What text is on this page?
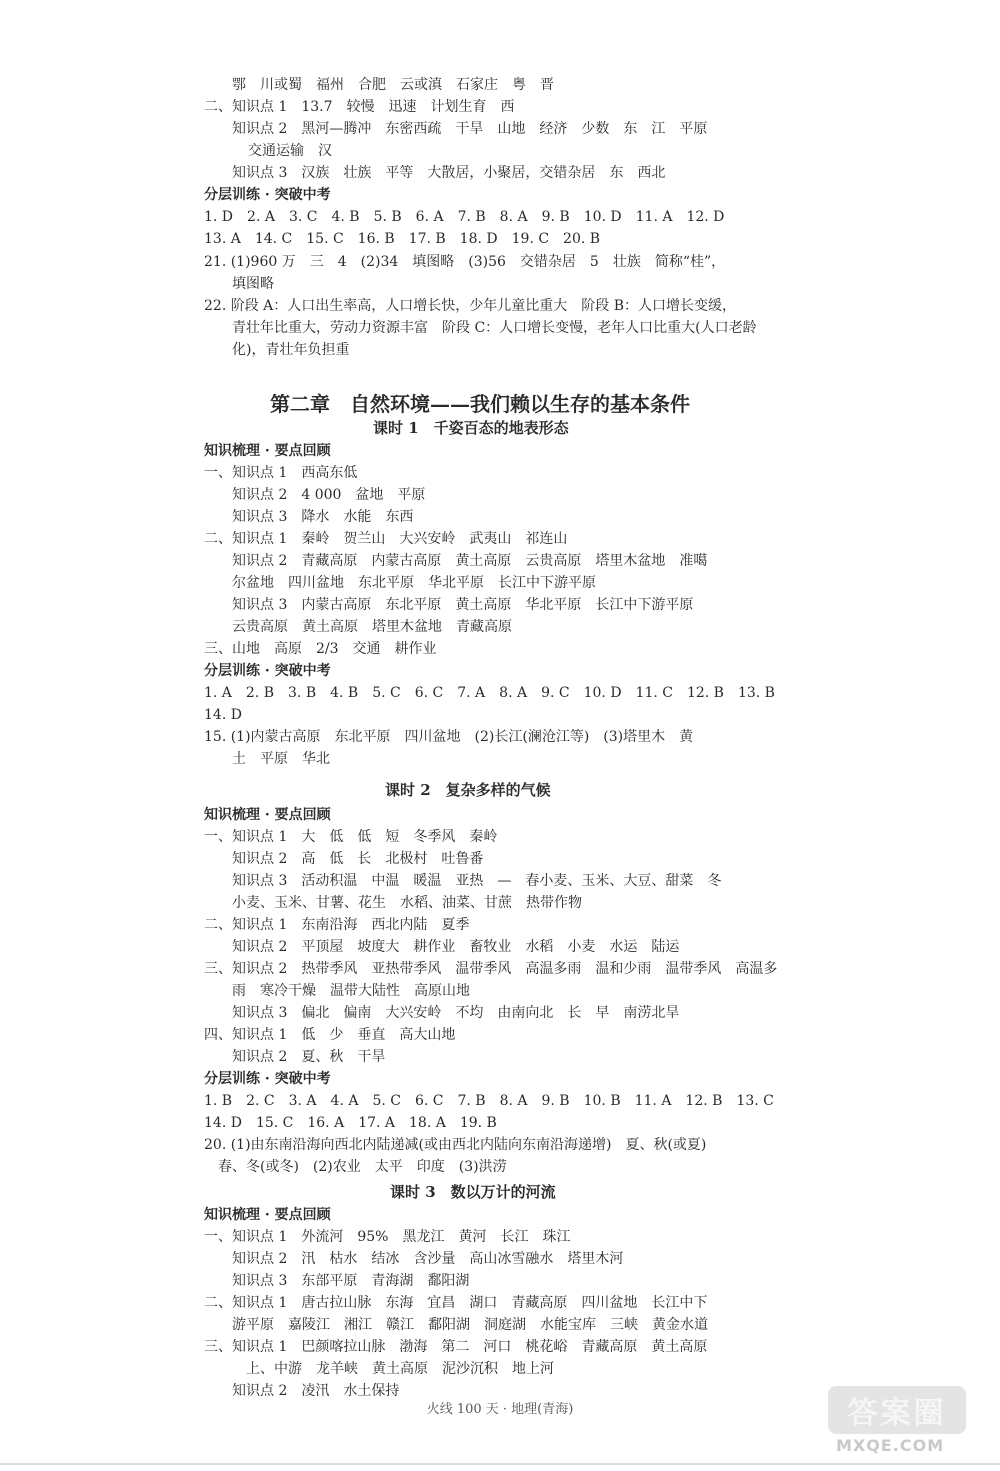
鄂　川或蜀　福州　合肥　云或滇　石家庄　粤　晋
二、知识点 1　13.7　较慢　迅速　计划生育　西
知识点 2　黑河—腾冲　东密西疏　干旱　山地　经济　少数　东　江　平原
交通运输　汉
知识点 3　汉族　壮族　平等　大散居，小聚居，交错杂居　东　西北
分层训练 · 突破中考
1. D　2. A　3. C　4. B　5. B　6. A　7. B　8. A　9. B　10. D　11. A　12. D
13. A　14. C　15. C　16. B　17. B　18. D　19. C　20. B
21. (1)960 万　三　4　(2)34　填图略　(3)56　交错杂居　5　壮族　简称“桂”，
填图略
22. 阶段 A：人口出生率高，人口增长快，少年儿童比重大　阶段 B：人口增长变缓，
青壮年比重大，劳动力资源丰富　阶段 C：人口增长变慢，老年人口比重大(人口老龄
化)，青壮年负担重
第二章　自然环境——我们赖以生存的基本条件
课时 1　千姿百态的地表形态
知识梳理 · 要点回顾
一、知识点 1　西高东低
知识点 2　4 000　盆地　平原
知识点 3　降水　水能　东西
二、知识点 1　秦岭　贺兰山　大兴安岭　武夷山　祁连山
知识点 2　青藏高原　内蒙古高原　黄土高原　云贵高原　塔里木盆地　准噶
尔盆地　四川盆地　东北平原　华北平原　长江中下游平原
知识点 3　内蒙古高原　东北平原　黄土高原　华北平原　长江中下游平原
云贵高原　黄土高原　塔里木盆地　青藏高原
三、山地　高原　2/3　交通　耕作业
分层训练 · 突破中考
1. A　2. B　3. B　4. B　5. C　6. C　7. A　8. A　9. C　10. D　11. C　12. B　13. B
14. D
15. (1)内蒙古高原　东北平原　四川盆地　(2)长江(澜沧江等)　(3)塔里木　黄
土　平原　华北
课时 2　复杂多样的气候
知识梳理 · 要点回顾
一、知识点 1　大　低　低　短　冬季风　秦岭
知识点 2　高　低　长　北极村　吐鲁番
知识点 3　活动积温　中温　暖温　亚热　—　春小麦、玉米、大豆、甜菜　冬
小麦、玉米、甘薯、花生　水稻、油菜、甘蔗　热带作物
二、知识点 1　东南沿海　西北内陆　夏季
知识点 2　平顶屋　坡度大　耕作业　畜牧业　水稻　小麦　水运　陆运
三、知识点 2　热带季风　亚热带季风　温带季风　高温多雨　温和少雨　温带季风　高温多
雨　寒冷干燥　温带大陆性　高原山地
知识点 3　偏北　偏南　大兴安岭　不均　由南向北　长　早　南涝北旱
四、知识点 1　低　少　垂直　高大山地
知识点 2　夏、秋　干旱
分层训练 · 突破中考
1. B　2. C　3. A　4. A　5. C　6. C　7. B　8. A　9. B　10. B　11. A　12. B　13. C
14. D　15. C　16. A　17. A　18. A　19. B
20. (1)由东南沿海向西北内陆递减(或由西北内陆向东南沿海递增)　夏、秋(或夏)
春、冬(或冬)　(2)农业　太平　印度　(3)洪涝
课时 3　数以万计的河流
知识梳理 · 要点回顾
一、知识点 1　外流河　95%　黑龙江　黄河　长江　珠江
知识点 2　汛　枯水　结冰　含沙量　高山冰雪融水　塔里木河
知识点 3　东部平原　青海湖　鄱阳湖
二、知识点 1　唐古拉山脉　东海　宜昌　湖口　青藏高原　四川盆地　长江中下
游平原　嘉陵江　湘江　赣江　鄱阳湖　洞庭湖　水能宝库　三峡　黄金水道
三、知识点 1　巴颜喀拉山脉　渤海　第二　河口　桃花峪　青藏高原　黄土高原
上、中游　龙羊峡　黄土高原　泥沙沉积　地上河
知识点 2　凌汛　水土保持
火线 100 天 · 地理(青海)	答案圈
MXQE.COM
